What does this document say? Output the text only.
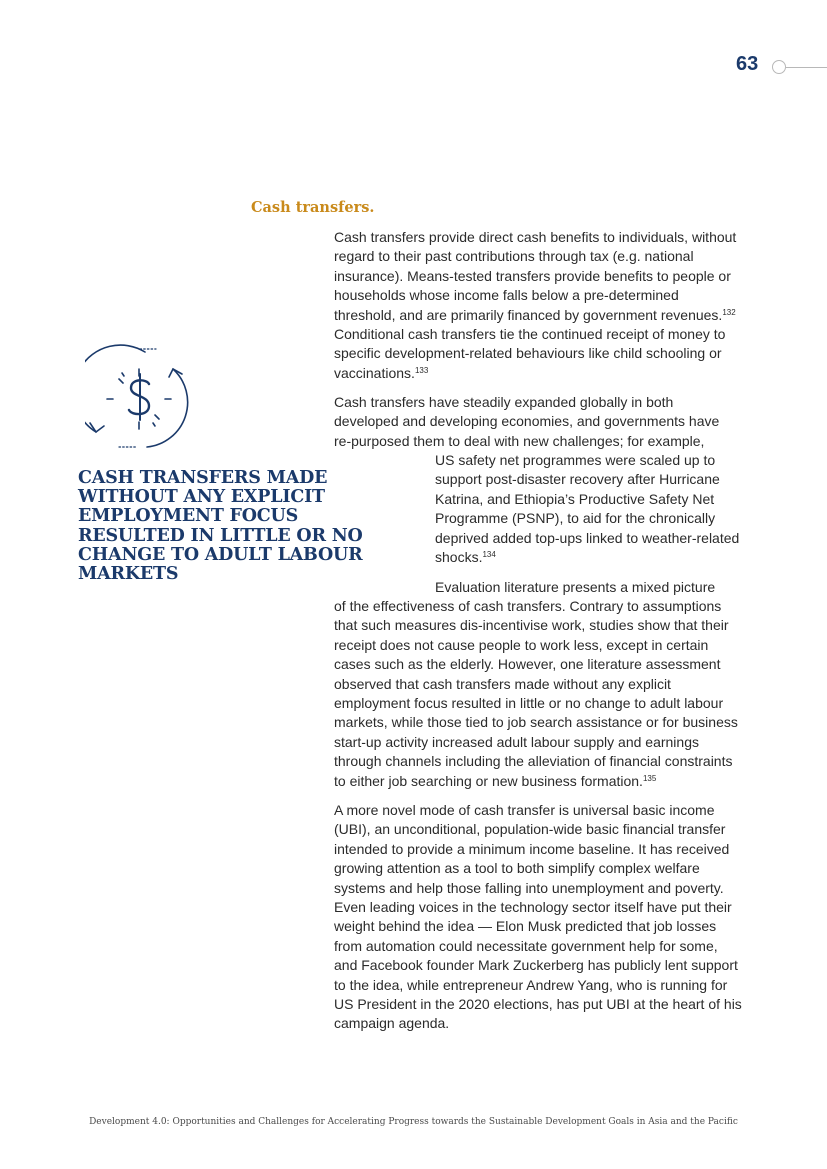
63
Cash transfers.

Cash transfers provide direct cash benefits to individuals, without regard to their past contributions through tax (e.g. national insurance). Means-tested transfers provide benefits to people or households whose income falls below a pre-determined threshold, and are primarily financed by government revenues.$^{132}$ Conditional cash transfers tie the continued receipt of money to specific development-related behaviours like child schooling or vaccinations.$^{133}$

Cash transfers have steadily expanded globally in both developed and developing economies, and governments have re-purposed them to deal with new challenges; for example,

US safety net programmes were scaled up to support post-disaster recovery after Hurricane Katrina, and Ethiopia’s Productive Safety Net Programme (PSNP), to aid for the chronically deprived added top-ups linked to weather-related shocks.$^{134}$

Evaluation literature presents a mixed picture

of the effectiveness of cash transfers. Contrary to assumptions that such measures dis-incentivise work, studies show that their receipt does not cause people to work less, except in certain cases such as the elderly. However, one literature assessment observed that cash transfers made without any explicit employment focus resulted in little or no change to adult labour markets, while those tied to job search assistance or for business start-up activity increased adult labour supply and earnings through channels including the alleviation of financial constraints to either job searching or new business formation.$^{135}$

A more novel mode of cash transfer is universal basic income (UBI), an unconditional, population-wide basic financial transfer intended to provide a minimum income baseline. It has received growing attention as a tool to both simplify complex welfare systems and help those falling into unemployment and poverty. Even leading voices in the technology sector itself have put their weight behind the idea — Elon Musk predicted that job losses from automation could necessitate government help for some, and Facebook founder Mark Zuckerberg has publicly lent support to the idea, while entrepreneur Andrew Yang, who is running for US President in the 2020 elections, has put UBI at the heart of his campaign agenda.

CASH TRANSFERS MADE WITHOUT ANY EXPLICIT EMPLOYMENT FOCUS RESULTED IN LITTLE OR NO CHANGE TO ADULT LABOUR MARKETS

Development 4.0: Opportunities and Challenges for Accelerating Progress towards the Sustainable Development Goals in Asia and the Pacific
